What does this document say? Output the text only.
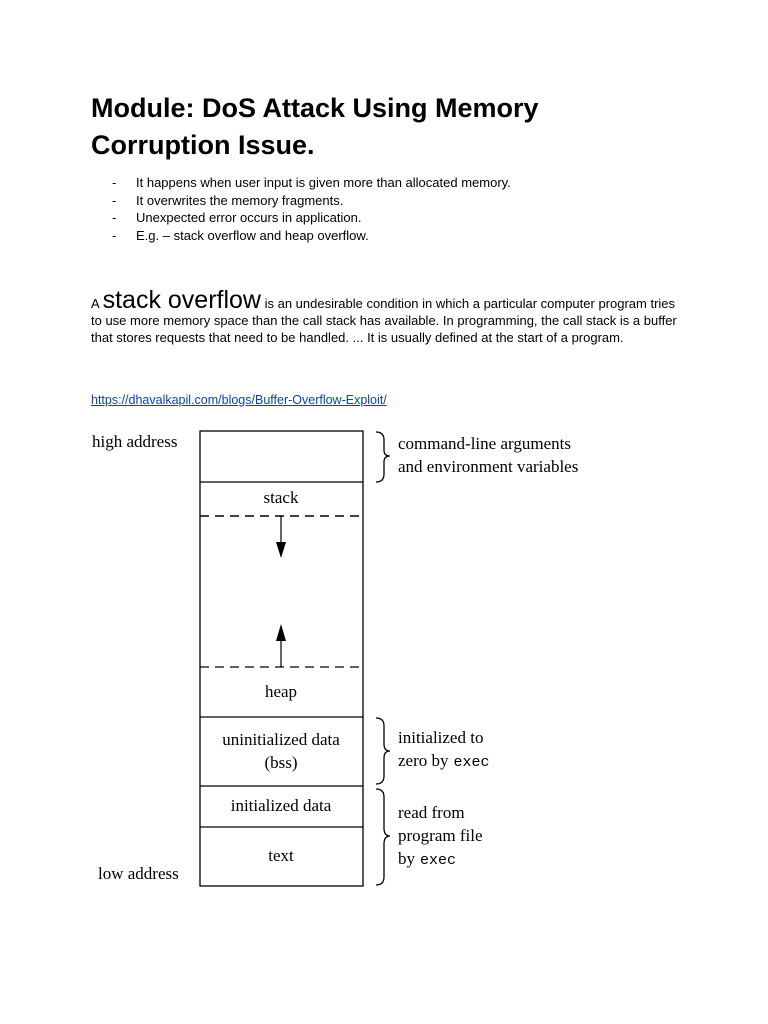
Module: DoS Attack Using Memory Corruption Issue.
-	It happens when user input is given more than allocated memory.
-	It overwrites the memory fragments.
-	Unexpected error occurs in application.
-	E.g. – stack overflow and heap overflow.

A stack overflow is an undesirable condition in which a particular computer program tries to use more memory space than the call stack has available. In programming, the call stack is a buffer that stores requests that need to be handled. ... It is usually defined at the start of a program.

https://dhavalkapil.com/blogs/Buffer-Overflow-Exploit/
high address
low address
stack
heap
uninitialized data
(bss)
initialized data
text
command-line arguments
and environment variables
initialized to
zero by exec
read from
program file
by exec
